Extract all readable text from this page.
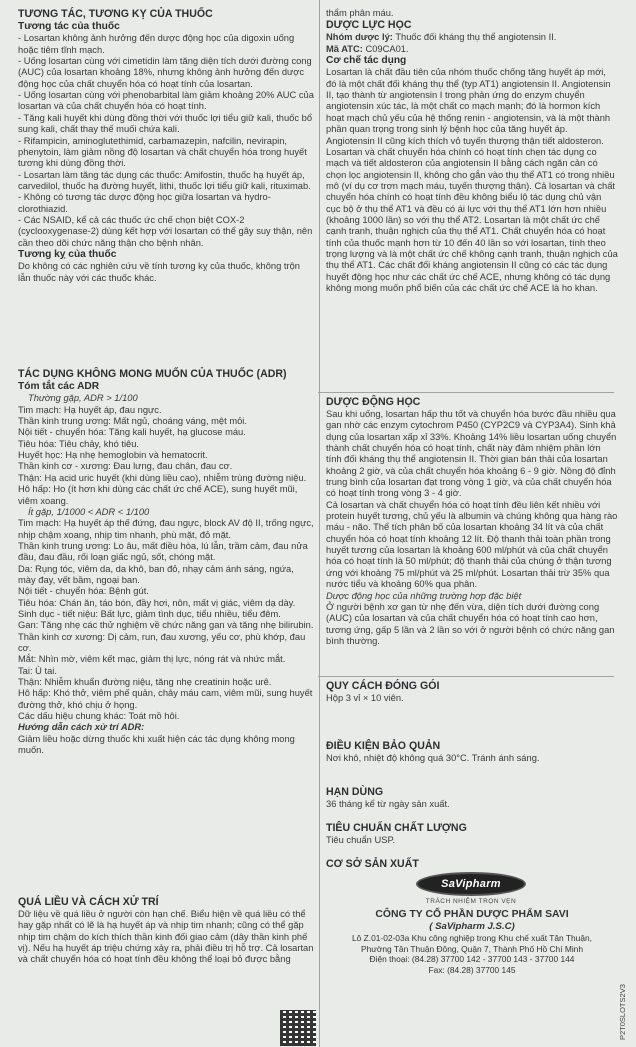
TƯƠNG TÁC, TƯƠNG KỴ CỦA THUỐC

Tương tác của thuốc

- Losartan không ảnh hưởng đến dược động học của digoxin uống hoặc tiêm tĩnh mạch.

- Uống losartan cùng với cimetidin làm tăng diện tích dưới đường cong (AUC) của losartan khoảng 18%, nhưng không ảnh hưởng đến dược động học của chất chuyển hóa có hoạt tính của losartan.

- Uống losartan cùng với phenobarbital làm giảm khoảng 20% AUC của losartan và của chất chuyển hóa có hoạt tính.

- Tăng kali huyết khi dùng đồng thời với thuốc lợi tiểu giữ kali, thuốc bổ sung kali, chất thay thế muối chứa kali.

- Rifampicin, aminoglutethimid, carbamazepin, nafcilin, nevirapin, phenytoin, làm giảm nồng độ losartan và chất chuyển hóa trong huyết tương khi dùng đồng thời.

- Losartan làm tăng tác dụng các thuốc: Amifostin, thuốc hạ huyết áp, carvedilol, thuốc hạ đường huyết, lithi, thuốc lợi tiểu giữ kali, rituximab.

- Không có tương tác dược động học giữa losartan và hydro-clorothiazid.

- Các NSAID, kể cả các thuốc ức chế chọn biệt COX-2 (cyclooxygenase-2) dùng kết hợp với losartan có thể gây suy thận, nên cần theo dõi chức năng thận cho bệnh nhân.

Tương kỵ của thuốc

Do không có các nghiên cứu về tính tương kỵ của thuốc, không trộn lẫn thuốc này với các thuốc khác.

TÁC DỤNG KHÔNG MONG MUỐN CỦA THUỐC (ADR)

Tóm tắt các ADR

Thường gặp, ADR > 1/100

Tim mạch: Hạ huyết áp, đau ngực.

Thần kinh trung ương: Mất ngủ, choáng váng, mệt mỏi.

Nội tiết - chuyển hóa: Tăng kali huyết, hạ glucose máu.

Tiêu hóa: Tiêu chảy, khó tiêu.

Huyết học: Hạ nhẹ hemoglobin và hematocrit.

Thần kinh cơ - xương: Đau lưng, đau chân, đau cơ.

Thận: Hạ acid uric huyết (khi dùng liều cao), nhiễm trùng đường niệu.

Hô hấp: Ho (ít hơn khi dùng các chất ức chế ACE), sung huyết mũi, viêm xoang.

Ít gặp, 1/1000 < ADR < 1/100

Tim mạch: Hạ huyết áp thế đứng, đau ngực, block AV độ II, trống ngực, nhịp chậm xoang, nhịp tim nhanh, phù mặt, đỏ mặt.

Thần kinh trung ương: Lo âu, mất điều hòa, lú lẫn, trầm cảm, đau nửa đầu, đau đầu, rối loạn giấc ngủ, sốt, chóng mặt.

Da: Rụng tóc, viêm da, da khô, ban đỏ, nhạy cảm ánh sáng, ngứa, mày đay, vết bầm, ngoại ban.

Nội tiết - chuyển hóa: Bệnh gút.

Tiêu hóa: Chán ăn, táo bón, đầy hơi, nôn, mất vị giác, viêm dạ dày.

Sinh dục - tiết niệu: Bất lực, giảm tình dục, tiểu nhiều, tiểu đêm.

Gan: Tăng nhẹ các thử nghiệm về chức năng gan và tăng nhẹ bilirubin.

Thần kinh cơ xương: Dị cảm, run, đau xương, yếu cơ, phù khớp, đau cơ.

Mắt: Nhìn mờ, viêm kết mạc, giảm thị lực, nóng rát và nhức mắt.

Tai: Ù tai.

Thận: Nhiễm khuẩn đường niệu, tăng nhẹ creatinin hoặc urê.

Hô hấp: Khó thở, viêm phế quản, chảy máu cam, viêm mũi, sung huyết đường thở, khó chịu ở họng.

Các dấu hiệu chung khác: Toát mồ hôi.

Hướng dẫn cách xử trí ADR:

Giảm liều hoặc dừng thuốc khi xuất hiện các tác dụng không mong muốn.

QUÁ LIỀU VÀ CÁCH XỬ TRÍ

Dữ liệu về quá liều ở người còn hạn chế. Biểu hiện về quá liều có thể hay gặp nhất có lẽ là hạ huyết áp và nhịp tim nhanh; cũng có thể gặp nhịp tim chậm do kích thích thần kinh đối giao cảm (dây thần kinh phế vị). Nếu hạ huyết áp triệu chứng xảy ra, phải điều trị hỗ trợ. Cả losartan và chất chuyển hóa có hoạt tính đều không thể loại bỏ được bằng

thẩm phân máu.

DƯỢC LỰC HỌC

Nhóm dược lý: Thuốc đối kháng thụ thể angiotensin II.

Mã ATC: C09CA01.

Cơ chế tác dụng

Losartan là chất đầu tiên của nhóm thuốc chống tăng huyết áp mới, đó là một chất đối kháng thụ thể (typ AT1) angiotensin II. Angiotensin II, tạo thành từ angiotensin I trong phản ứng do enzym chuyển angiotensin xúc tác, là một chất co mạch mạnh; đó là hormon kích hoạt mạch chủ yếu của hệ thống renin - angiotensin, và là một thành phần quan trọng trong sinh lý bệnh học của tăng huyết áp. Angiotensin II cũng kích thích vỏ tuyến thượng thận tiết aldosteron.

Losartan và chất chuyển hóa chính có hoạt tính chẹn tác dụng co mạch và tiết aldosteron của angiotensin II bằng cách ngăn cản có chọn lọc angiotensin II, không cho gắn vào thụ thể AT1 có trong nhiều mô (ví dụ cơ trơn mạch máu, tuyến thượng thận). Cả losartan và chất chuyển hóa chính có hoạt tính đều không biểu lộ tác dụng chủ vận cục bộ ở thụ thể AT1 và đều có ái lực với thụ thể AT1 lớn hơn nhiều (khoảng 1000 lần) so với thụ thể AT2. Losartan là một chất ức chế cạnh tranh, thuận nghịch của thụ thể AT1. Chất chuyển hóa có hoạt tính của thuốc mạnh hơn từ 10 đến 40 lần so với losartan, tính theo trọng lượng và là một chất ức chế không cạnh tranh, thuận nghịch của thụ thể AT1. Các chất đối kháng angiotensin II cũng có các tác dụng huyết động học như các chất ức chế ACE, nhưng không có tác dụng không mong muốn phổ biến của các chất ức chế ACE là ho khan.

DƯỢC ĐỘNG HỌC

Sau khi uống, losartan hấp thu tốt và chuyển hóa bước đầu nhiều qua gan nhờ các enzym cytochrom P450 (CYP2C9 và CYP3A4). Sinh khả dụng của losartan xấp xỉ 33%. Khoảng 14% liều losartan uống chuyển thành chất chuyển hóa có hoạt tính, chất này đảm nhiệm phần lớn tính đối kháng thụ thể angiotensin II. Thời gian bán thải của losartan khoảng 2 giờ, và của chất chuyển hóa khoảng 6 - 9 giờ. Nồng độ đỉnh trung bình của losartan đạt trong vòng 1 giờ, và của chất chuyển hóa có hoạt tính trong vòng 3 - 4 giờ.

Cả losartan và chất chuyển hóa có hoạt tính đều liên kết nhiều với protein huyết tương, chủ yếu là albumin và chúng không qua hàng rào máu - não. Thể tích phân bố của losartan khoảng 34 lít và của chất chuyển hóa có hoạt tính khoảng 12 lít. Độ thanh thải toàn phần trong huyết tương của losartan là khoảng 600 ml/phút và của chất chuyển hóa có hoạt tính là 50 ml/phút; độ thanh thải của chúng ở thận tương ứng với khoảng 75 ml/phút và 25 ml/phút. Losartan thải trừ 35% qua nước tiểu và khoảng 60% qua phân.

Dược động học của những trường hợp đặc biệt

Ở người bệnh xơ gan từ nhẹ đến vừa, diện tích dưới đường cong (AUC) của losartan và của chất chuyển hóa có hoạt tính cao hơn, tương ứng, gấp 5 lần và 2 lần so với ở người bệnh có chức năng gan bình thường.

QUY CÁCH ĐÓNG GÓI

Hộp 3 vỉ × 10 viên.

ĐIỀU KIỆN BẢO QUẢN

Nơi khô, nhiệt độ không quá 30°C. Tránh ánh sáng.

HẠN DÙNG

36 tháng kể từ ngày sản xuất.

TIÊU CHUẨN CHẤT LƯỢNG

Tiêu chuẩn USP.

CƠ SỞ SẢN XUẤT

SaVipharm
TRÁCH NHIỆM TRỌN VẸN

CÔNG TY CỔ PHẦN DƯỢC PHẨM SAVI

( SaVipharm J.S.C)

Lô Z.01-02-03a Khu công nghiệp trong Khu chế xuất Tân Thuận,

Phường Tân Thuận Đông, Quận 7, Thành Phố Hồ Chí Minh

Điện thoại: (84.28) 37700 142 - 37700 143 - 37700 144

Fax: (84.28) 37700 145

P2T0SLOTS2V3
